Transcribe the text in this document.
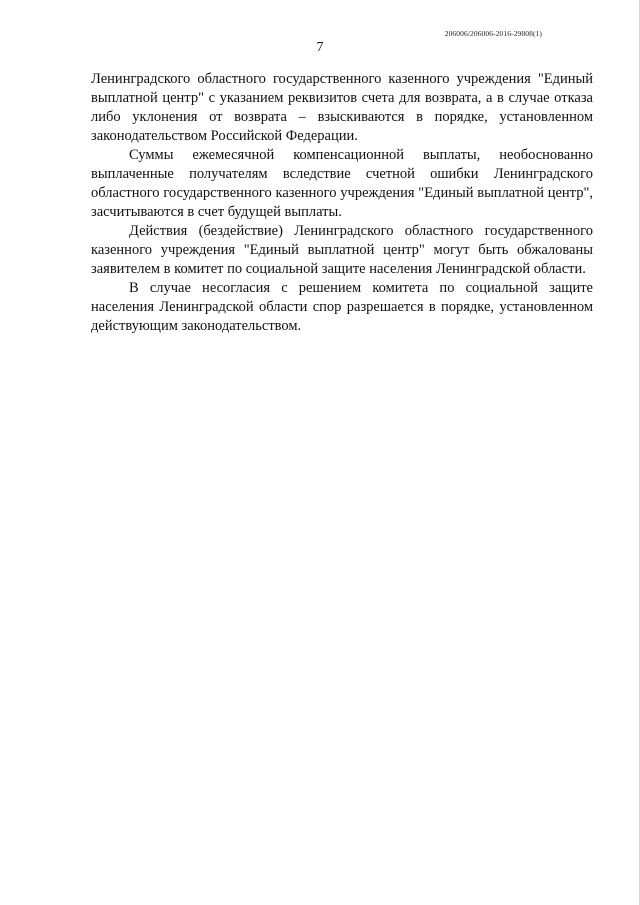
206006/206006-2016-29808(1)
7

Ленинградского областного государственного казенного учреждения "Единый выплатной центр" с указанием реквизитов счета для возврата, а в случае отказа либо уклонения от возврата – взыскиваются в порядке, установленном законодательством Российской Федерации.

Суммы ежемесячной компенсационной выплаты, необоснованно выплаченные получателям вследствие счетной ошибки Ленинградского областного государственного казенного учреждения "Единый выплатной центр", засчитываются в счет будущей выплаты.

Действия (бездействие) Ленинградского областного государственного казенного учреждения "Единый выплатной центр" могут быть обжалованы заявителем в комитет по социальной защите населения Ленинградской области.

В случае несогласия с решением комитета по социальной защите населения Ленинградской области спор разрешается в порядке, установленном действующим законодательством.
